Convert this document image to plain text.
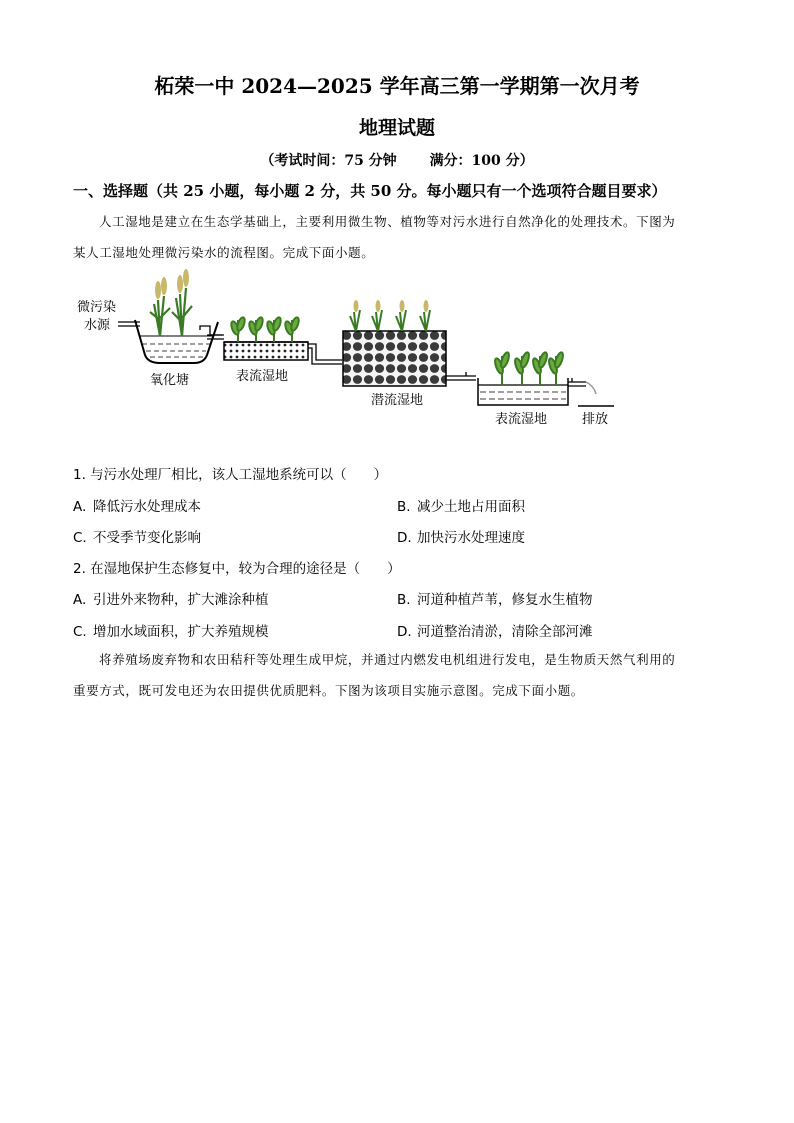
柘荣一中 2024—2025 学年高三第一学期第一次月考
地理试题
（考试时间：75 分钟 满分：100 分）
一、选择题（共 25 小题，每小题 2 分，共 50 分。每小题只有一个选项符合题目要求）
人工湿地是建立在生态学基础上，主要利用微生物、植物等对污水进行自然净化的处理技术。下图为
某人工湿地处理微污染水的流程图。完成下面小题。
微污染
水源
氧化塘	表流湿地
潜流湿地
表流湿地	排放
1. 与污水处理厂相比，该人工湿地系统可以（　　）
A. 降低污水处理成本	B. 减少土地占用面积
C. 不受季节变化影响	D. 加快污水处理速度
2. 在湿地保护生态修复中，较为合理的途径是（　　）
A. 引进外来物种，扩大滩涂种植	B. 河道种植芦苇，修复水生植物
C. 增加水域面积，扩大养殖规模	D. 河道整治清淤，清除全部河滩
将养殖场废弃物和农田秸秆等处理生成甲烷，并通过内燃发电机组进行发电，是生物质天然气利用的
重要方式，既可发电还为农田提供优质肥料。下图为该项目实施示意图。完成下面小题。
